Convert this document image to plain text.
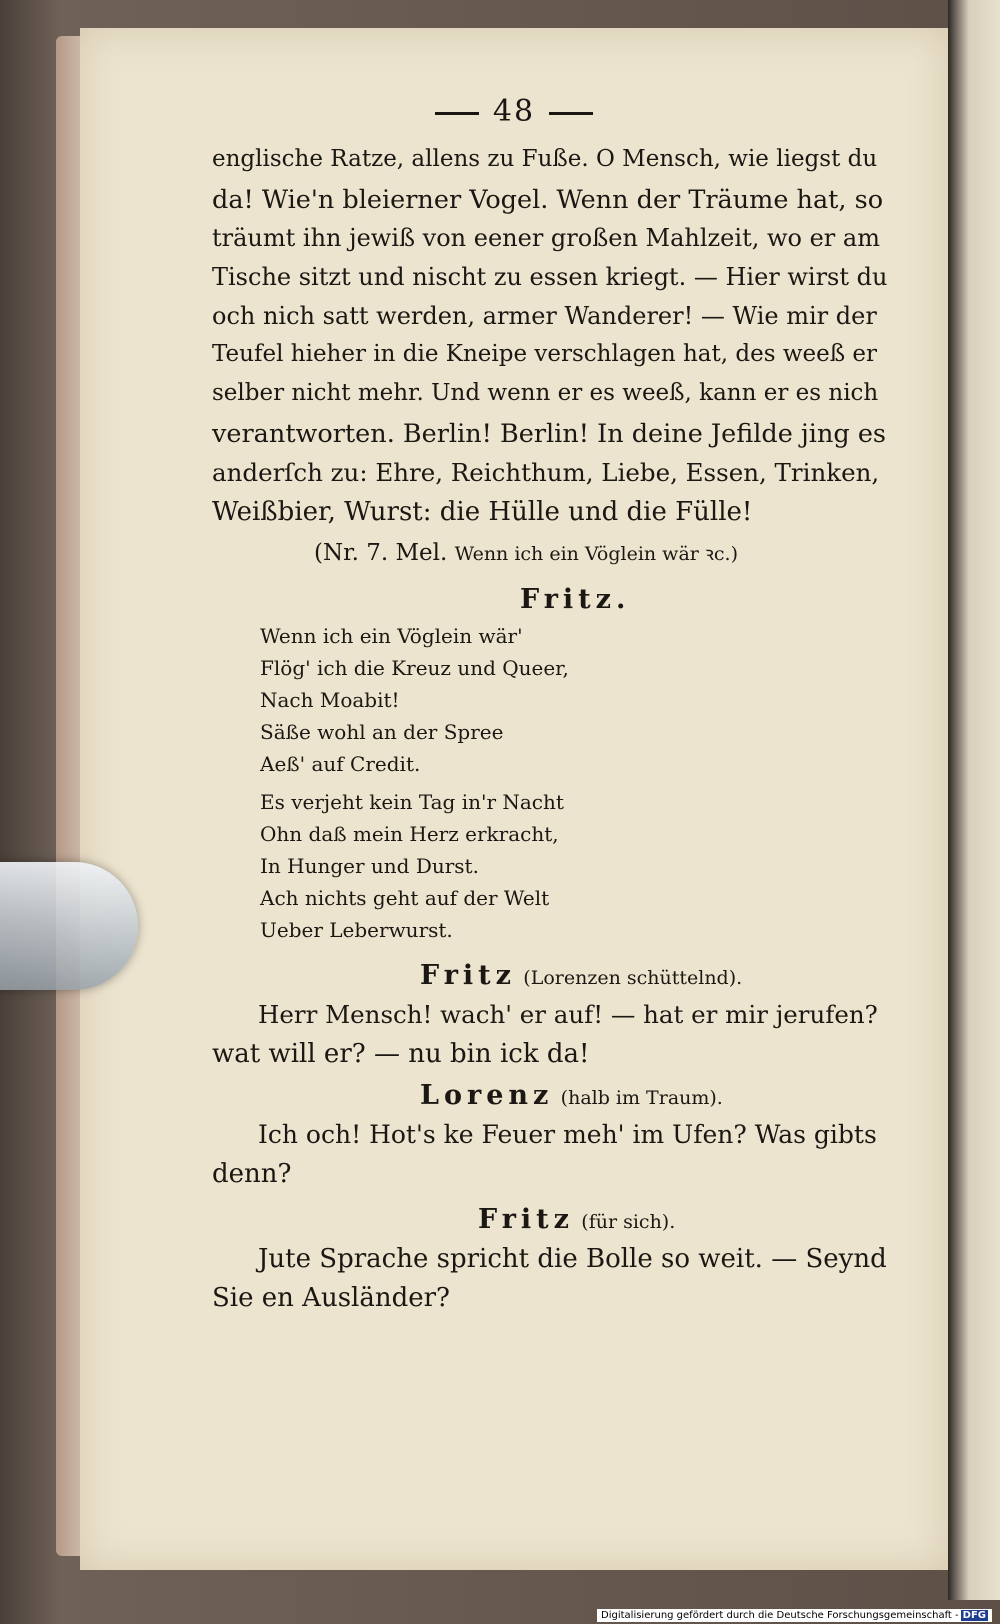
48
englische Ratze, allens zu Fuße. O Mensch, wie liegst du
da! Wie'n bleierner Vogel. Wenn der Träume hat, so
träumt ihn jewiß von eener großen Mahlzeit, wo er am
Tische sitzt und nischt zu essen kriegt. — Hier wirst du
och nich satt werden, armer Wanderer! — Wie mir der
Teufel hieher in die Kneipe verschlagen hat, des weeß er
selber nicht mehr. Und wenn er es weeß, kann er es nich
verantworten. Berlin! Berlin! In deine Jefilde jing es
anderſch zu: Ehre, Reichthum, Liebe, Essen, Trinken,
Weißbier, Wurst: die Hülle und die Fülle!
(Nr. 7. Mel. Wenn ich ein Vöglein wär ꝛc.)
Fritz.
Wenn ich ein Vöglein wär'
Flög' ich die Kreuz und Queer,
Nach Moabit!
Säße wohl an der Spree
Aeß' auf Credit.
Es verjeht kein Tag in'r Nacht
Ohn daß mein Herz erkracht,
In Hunger und Durst.
Ach nichts geht auf der Welt
Ueber Leberwurst.
Fritz (Lorenzen schüttelnd).
Herr Mensch! wach' er auf! — hat er mir jerufen?
wat will er? — nu bin ick da!
Lorenz (halb im Traum).
Ich och! Hot's ke Feuer meh' im Ufen? Was gibts
denn?
Fritz (für sich).
Jute Sprache spricht die Bolle so weit. — Seynd
Sie en Ausländer?
Digitalisierung gefördert durch die Deutsche Forschungsgemeinschaft - DFG
